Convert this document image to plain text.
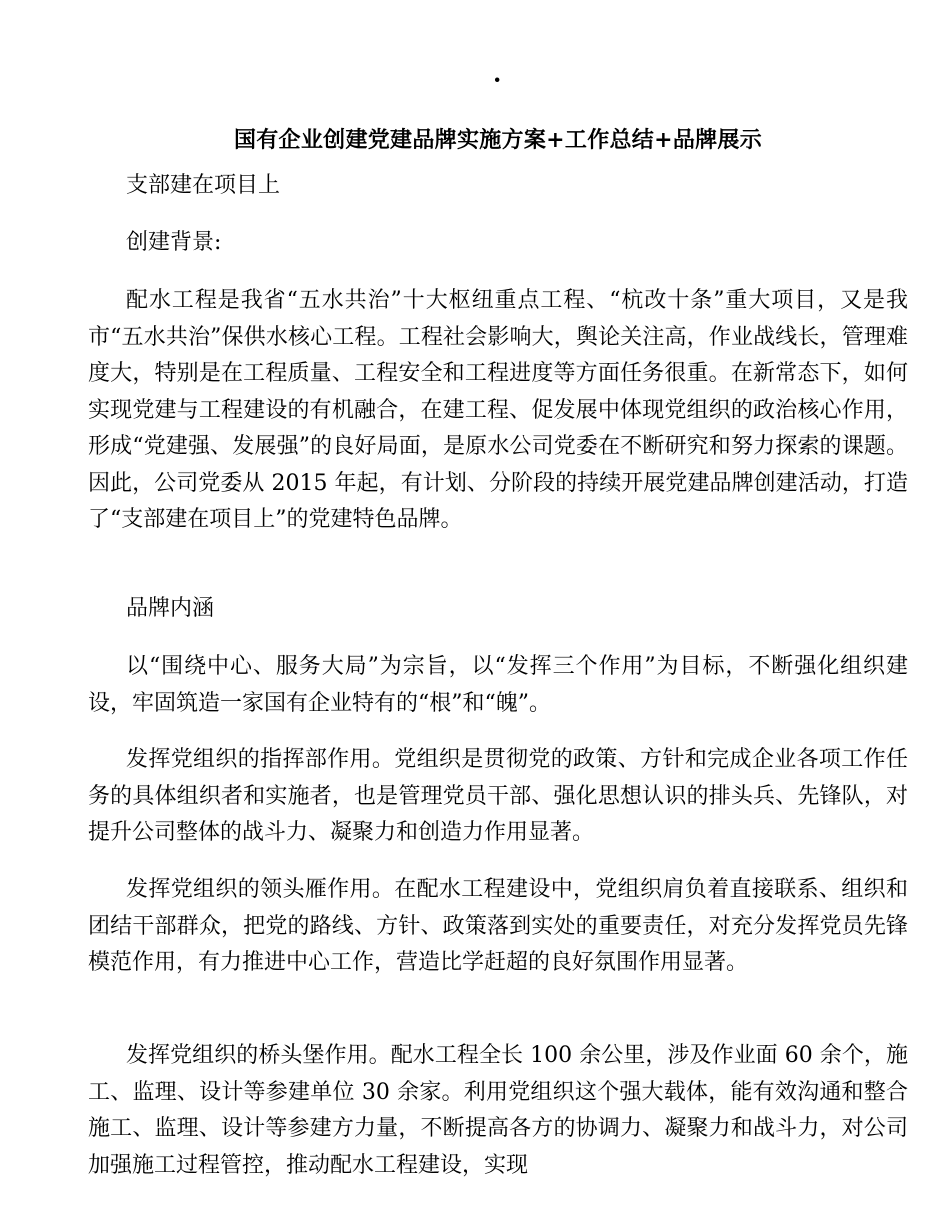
·
国有企业创建党建品牌实施方案+工作总结+品牌展示
支部建在项目上
创建背景:
配水工程是我省“五水共治”十大枢纽重点工程、“杭改十条”重大项目，又是我市“五水共治”保供水核心工程。工程社会影响大，舆论关注高，作业战线长，管理难度大，特别是在工程质量、工程安全和工程进度等方面任务很重。在新常态下，如何实现党建与工程建设的有机融合，在建工程、促发展中体现党组织的政治核心作用，形成“党建强、发展强”的良好局面，是原水公司党委在不断研究和努力探索的课题。因此，公司党委从 2015 年起，有计划、分阶段的持续开展党建品牌创建活动，打造了“支部建在项目上”的党建特色品牌。
品牌内涵
以“围绕中心、服务大局”为宗旨，以“发挥三个作用”为目标，不断强化组织建设，牢固筑造一家国有企业特有的“根”和“魄”。
发挥党组织的指挥部作用。党组织是贯彻党的政策、方针和完成企业各项工作任务的具体组织者和实施者，也是管理党员干部、强化思想认识的排头兵、先锋队，对提升公司整体的战斗力、凝聚力和创造力作用显著。
发挥党组织的领头雁作用。在配水工程建设中，党组织肩负着直接联系、组织和团结干部群众，把党的路线、方针、政策落到实处的重要责任，对充分发挥党员先锋模范作用，有力推进中心工作，营造比学赶超的良好氛围作用显著。
发挥党组织的桥头堡作用。配水工程全长 100 余公里，涉及作业面 60 余个，施工、监理、设计等参建单位 30 余家。利用党组织这个强大载体，能有效沟通和整合施工、监理、设计等参建方力量，不断提高各方的协调力、凝聚力和战斗力，对公司加强施工过程管控，推动配水工程建设，实现
